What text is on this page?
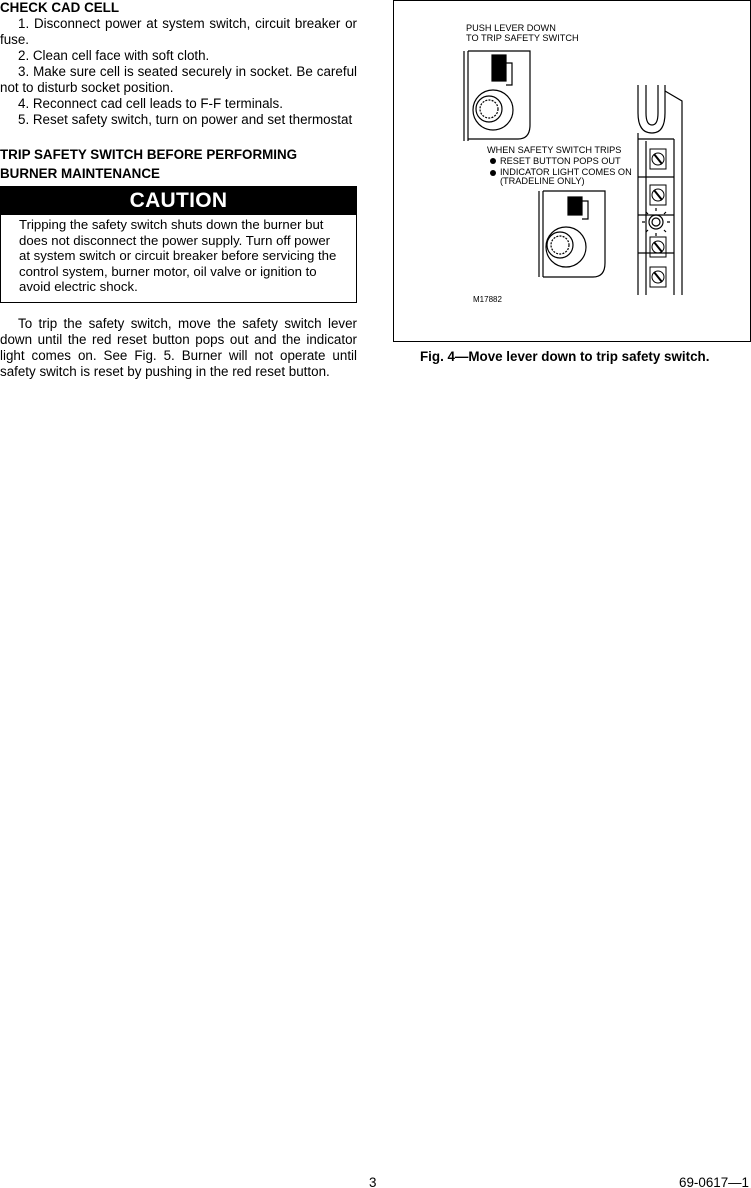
CHECK CAD CELL
1. Disconnect power at system switch, circuit breaker or fuse.
2. Clean cell face with soft cloth.
3. Make sure cell is seated securely in socket. Be careful not to disturb socket position.
4. Reconnect cad cell leads to F-F terminals.
5. Reset safety switch, turn on power and set thermostat
TRIP SAFETY SWITCH BEFORE PERFORMING BURNER MAINTENANCE
CAUTION
Tripping the safety switch shuts down the burner but does not disconnect the power supply. Turn off power at system switch or circuit breaker before servicing the control system, burner motor, oil valve or ignition to avoid electric shock.
To trip the safety switch, move the safety switch lever down until the red reset button pops out and the indicator light comes on. See Fig. 5. Burner will not operate until safety switch is reset by pushing in the red reset button.
PUSH LEVER DOWN
TO TRIP SAFETY SWITCH
WHEN SAFETY SWITCH TRIPS
RESET BUTTON POPS OUT
INDICATOR LIGHT COMES ON
(TRADELINE ONLY)
M17882
Fig. 4—Move lever down to trip safety switch.
3	69-0617—1
